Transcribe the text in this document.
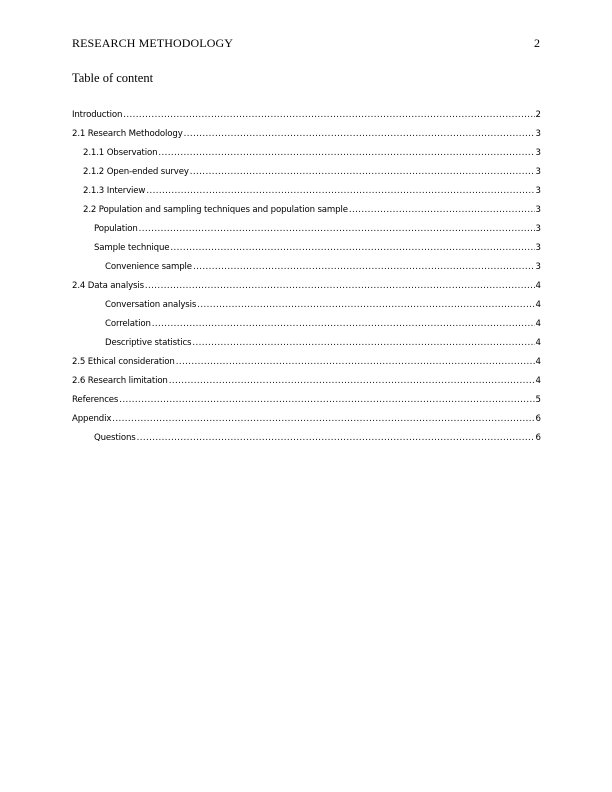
RESEARCH METHODOLOGY	2
Table of content
Introduction .....	2
2.1 Research Methodology .....	3
2.1.1 Observation .....	3
2.1.2 Open-ended survey .....	3
2.1.3 Interview .....	3
2.2 Population and sampling techniques and population sample .....	3
Population .....	3
Sample technique .....	3
Convenience sample .....	3
2.4 Data analysis .....	4
Conversation analysis .....	4
Correlation .....	4
Descriptive statistics .....	4
2.5 Ethical consideration .....	4
2.6 Research limitation .....	4
References .....	5
Appendix .....	6
Questions .....	6
